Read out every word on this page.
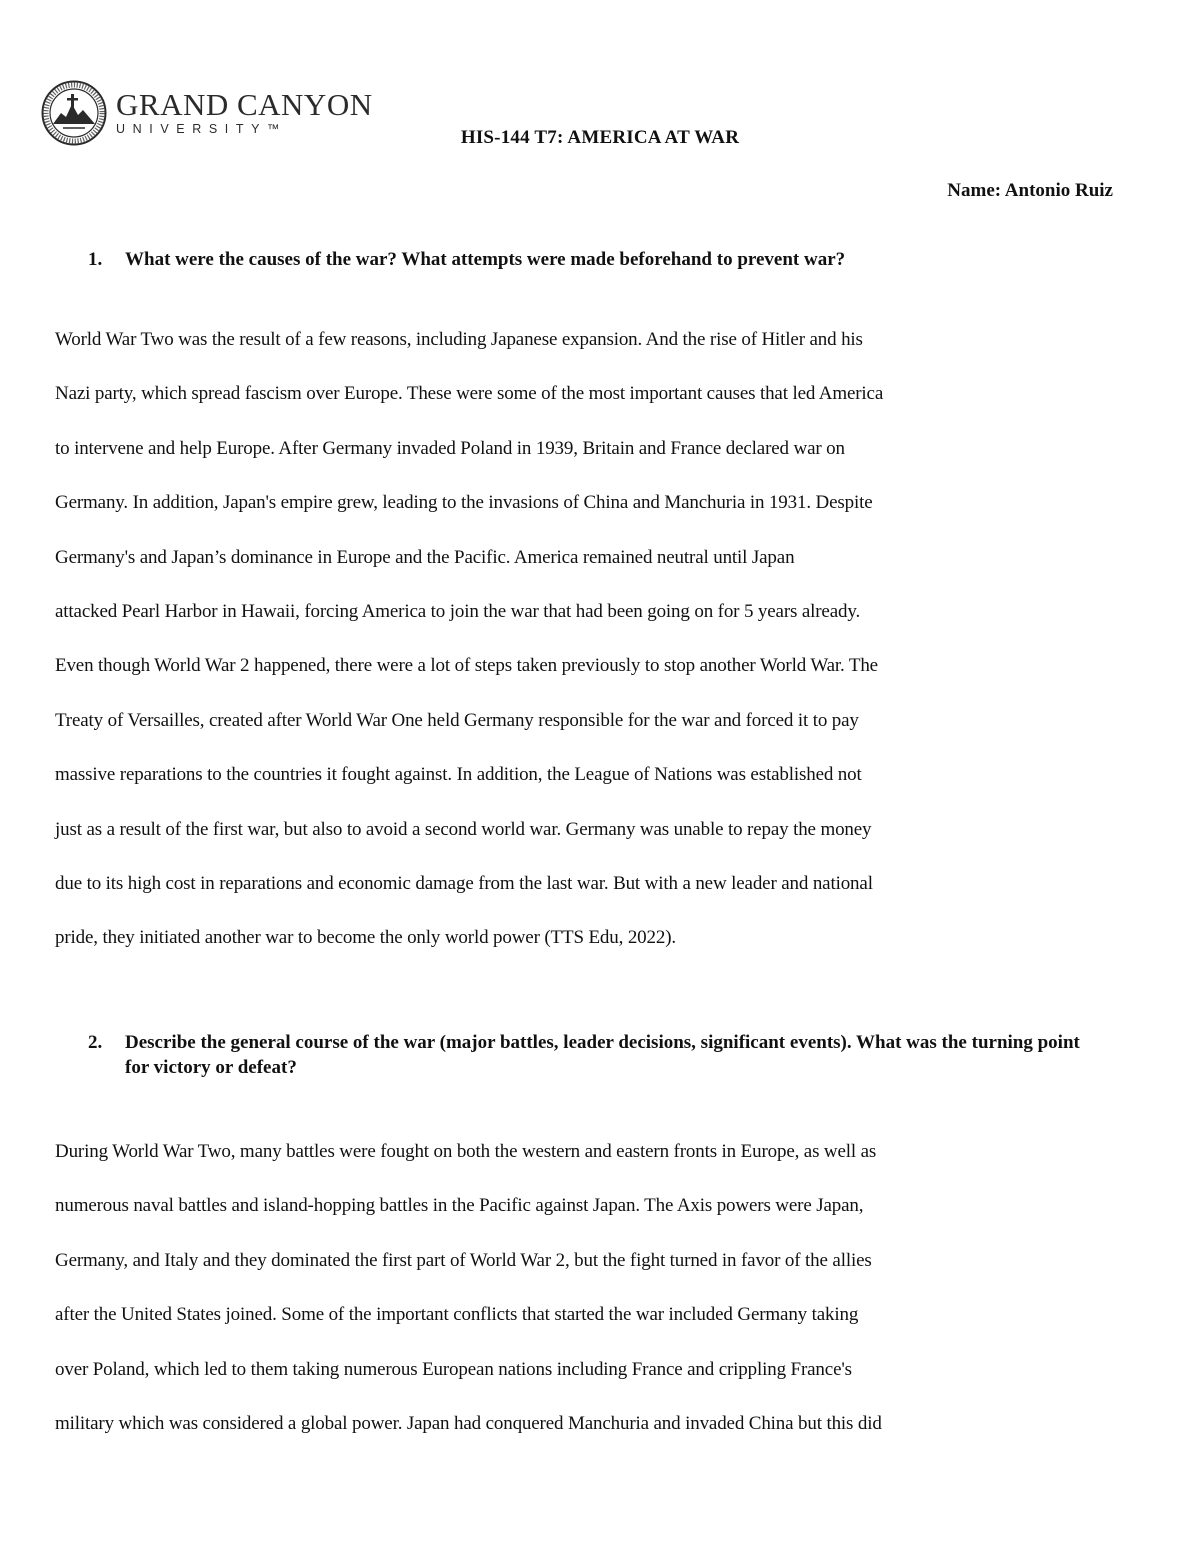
GRAND CANYON
UNIVERSITY™	HIS-144 T7: AMERICA AT WAR
Name: Antonio Ruiz
1.	What were the causes of the war? What attempts were made beforehand to prevent war?

World War Two was the result of a few reasons, including Japanese expansion. And the rise of Hitler and his

Nazi party, which spread fascism over Europe. These were some of the most important causes that led America

to intervene and help Europe. After Germany invaded Poland in 1939, Britain and France declared war on

Germany. In addition, Japan's empire grew, leading to the invasions of China and Manchuria in 1931. Despite

Germany's and Japan’s dominance in Europe and the Pacific. America remained neutral until Japan

attacked Pearl Harbor in Hawaii, forcing America to join the war that had been going on for 5 years already.

Even though World War 2 happened, there were a lot of steps taken previously to stop another World War. The

Treaty of Versailles, created after World War One held Germany responsible for the war and forced it to pay

massive reparations to the countries it fought against. In addition, the League of Nations was established not

just as a result of the first war, but also to avoid a second world war. Germany was unable to repay the money

due to its high cost in reparations and economic damage from the last war. But with a new leader and national

pride, they initiated another war to become the only world power (TTS Edu, 2022).

2.	Describe the general course of the war (major battles, leader decisions, significant events). What was the turning point for victory or defeat?

During World War Two, many battles were fought on both the western and eastern fronts in Europe, as well as

numerous naval battles and island-hopping battles in the Pacific against Japan. The Axis powers were Japan,

Germany, and Italy and they dominated the first part of World War 2, but the fight turned in favor of the allies

after the United States joined. Some of the important conflicts that started the war included Germany taking

over Poland, which led to them taking numerous European nations including France and crippling France's

military which was considered a global power. Japan had conquered Manchuria and invaded China but this did
